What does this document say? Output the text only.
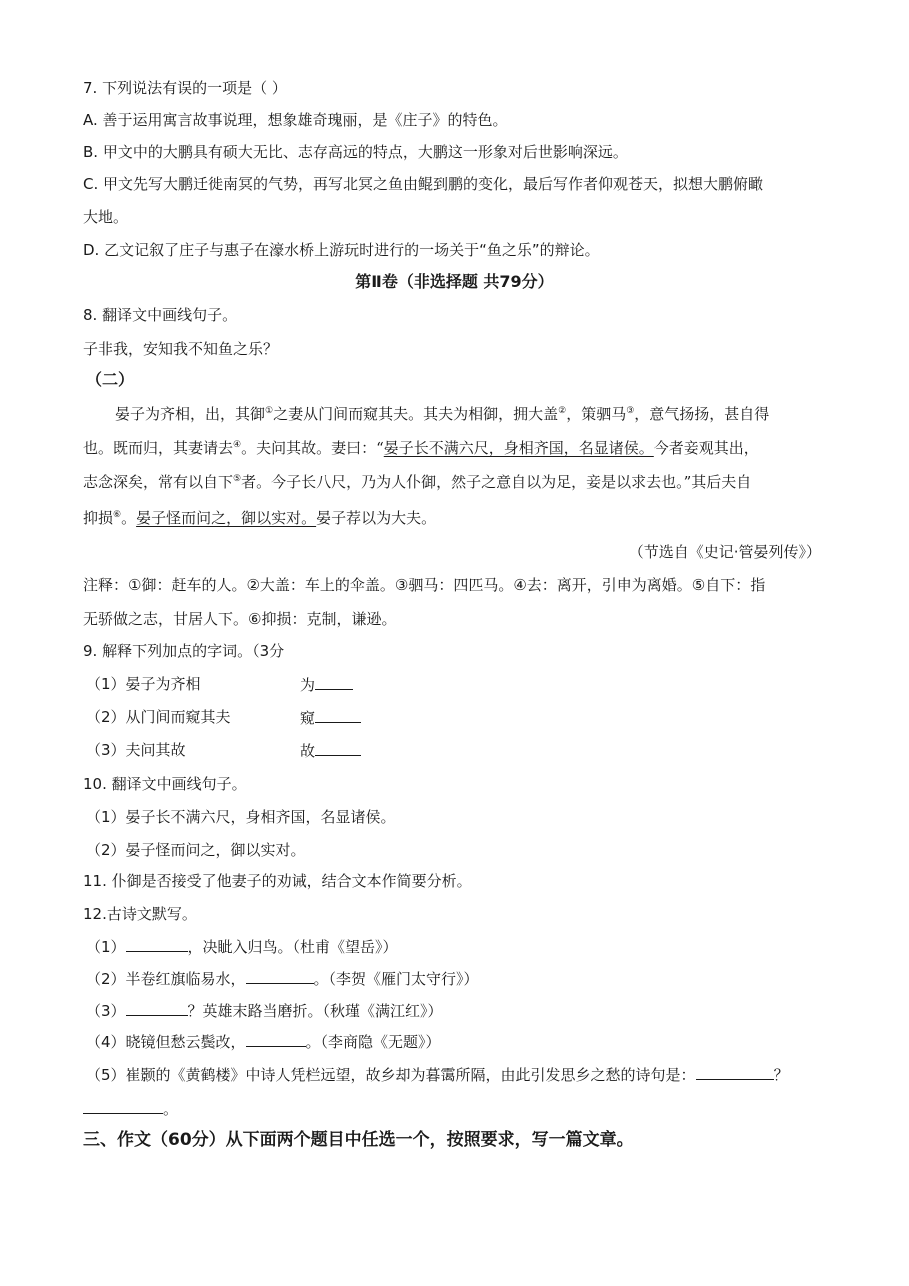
7. 下列说法有误的一项是（ ）
A. 善于运用寓言故事说理，想象雄奇瑰丽，是《庄子》的特色。
B. 甲文中的大鹏具有硕大无比、志存高远的特点，大鹏这一形象对后世影响深远。
C. 甲文先写大鹏迁徙南冥的气势，再写北冥之鱼由鲲到鹏的变化，最后写作者仰观苍天，拟想大鹏俯瞰
大地。
D. 乙文记叙了庄子与惠子在濠水桥上游玩时进行的一场关于“鱼之乐”的辩论。
第Ⅱ卷（非选择题 共79分）
8. 翻译文中画线句子。
子非我，安知我不知鱼之乐？
（二）
晏子为齐相，出，其御①之妻从门间而窥其夫。其夫为相御，拥大盖②，策驷马③，意气扬扬，甚自得
也。既而归，其妻请去④。夫问其故。妻曰：“晏子长不满六尺，身相齐国，名显诸侯。今者妾观其出，
志念深矣，常有以自下⑤者。今子长八尺，乃为人仆御，然子之意自以为足，妾是以求去也。”其后夫自
抑损⑥。晏子怪而问之，御以实对。晏子荐以为大夫。
（节选自《史记·管晏列传》）
注释：①御：赶车的人。②大盖：车上的伞盖。③驷马：四匹马。④去：离开，引申为离婚。⑤自下：指
无骄做之志，甘居人下。⑥抑损：克制，谦逊。
9. 解释下列加点的字词。（3分
（1）晏子为齐相	为
（2）从门间而窥其夫	窥
（3）夫问其故	故
10. 翻译文中画线句子。
（1）晏子长不满六尺，身相齐国，名显诸侯。
（2）晏子怪而问之，御以实对。
11. 仆御是否接受了他妻子的劝诫，结合文本作简要分析。
12.古诗文默写。
（1）	，决眦入归鸟。（杜甫《望岳》）
（2）半卷红旗临易水，	。（李贺《雁门太守行》）
（3）	？英雄末路当磨折。（秋瑾《满江红》）
（4）晓镜但愁云鬓改，	。（李商隐《无题》）
（5）崔颢的《黄鹤楼》中诗人凭栏远望，故乡却为暮霭所隔，由此引发思乡之愁的诗句是：	？
。
三、作文（60分）从下面两个题目中任选一个，按照要求，写一篇文章。
